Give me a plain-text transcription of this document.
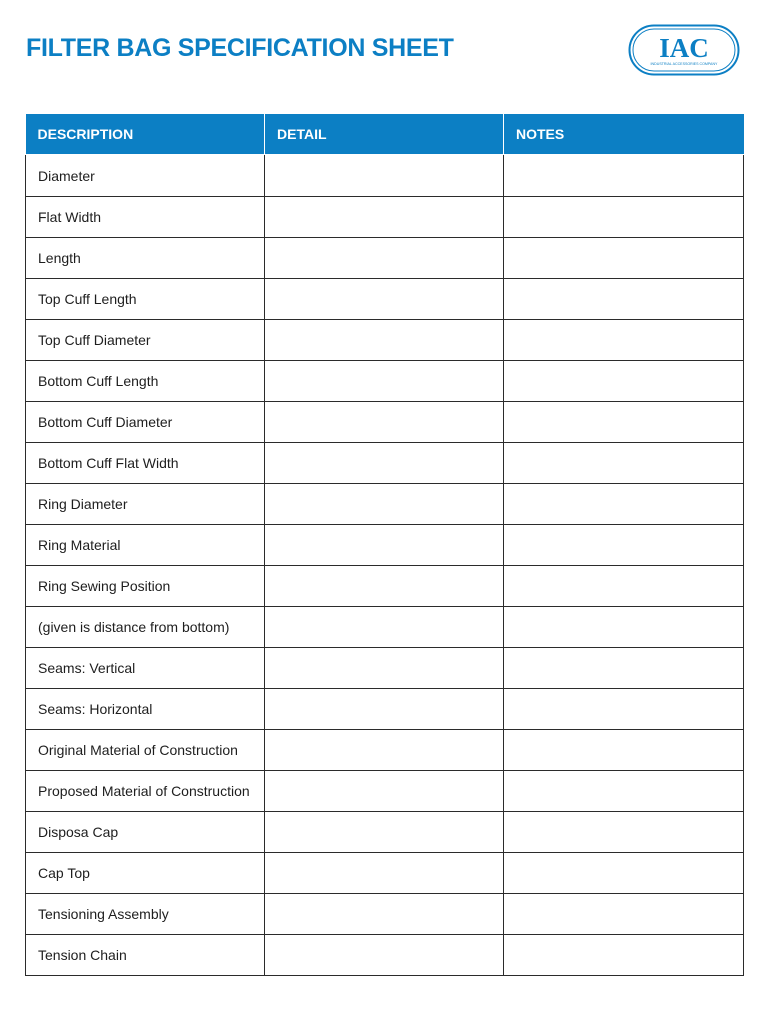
FILTER BAG SPECIFICATION SHEET	IAC
INDUSTRIAL ACCESSORIES COMPANY
DESCRIPTION	DETAIL	NOTES
Diameter		
Flat Width		
Length		
Top Cuff Length		
Top Cuff Diameter		
Bottom Cuff Length		
Bottom Cuff Diameter		
Bottom Cuff Flat Width		
Ring Diameter		
Ring Material		
Ring Sewing Position		
(given is distance from bottom)		
Seams: Vertical		
Seams: Horizontal		
Original Material of Construction		
Proposed Material of Construction		
Disposa Cap		
Cap Top		
Tensioning Assembly		
Tension Chain		
